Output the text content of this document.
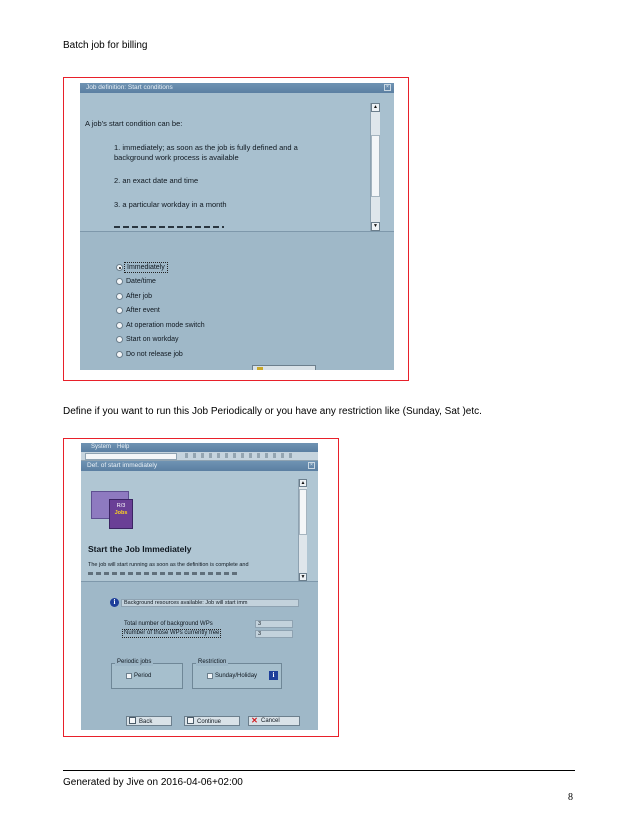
Batch job for billing
Job definition: Start conditions	×
A job's start condition can be:
1. immediately; as soon as the job is fully defined and a
background work process is available
2. an exact date and time
3. a particular workday in a month
▲
▼
Immediately
Date/time
After job
After event
At operation mode switch
Start on workday
Do not release job
Define if you want to run this Job Periodically or you have any restriction like (Sunday, Sat )etc.
System Help
Def. of start immediately	×
R/3
Jobs
Start the Job Immediately
The job will start running as soon as the definition is complete and
▲
▼
i	Background resources available: Job will start imm
Total number of background WPs	3
Number of those WPs currently free	3
Periodic jobs
Period
Restriction
Sunday/Holiday	i
Back	Continue	✕ Cancel
Generated by Jive on 2016-04-06+02:00
8
